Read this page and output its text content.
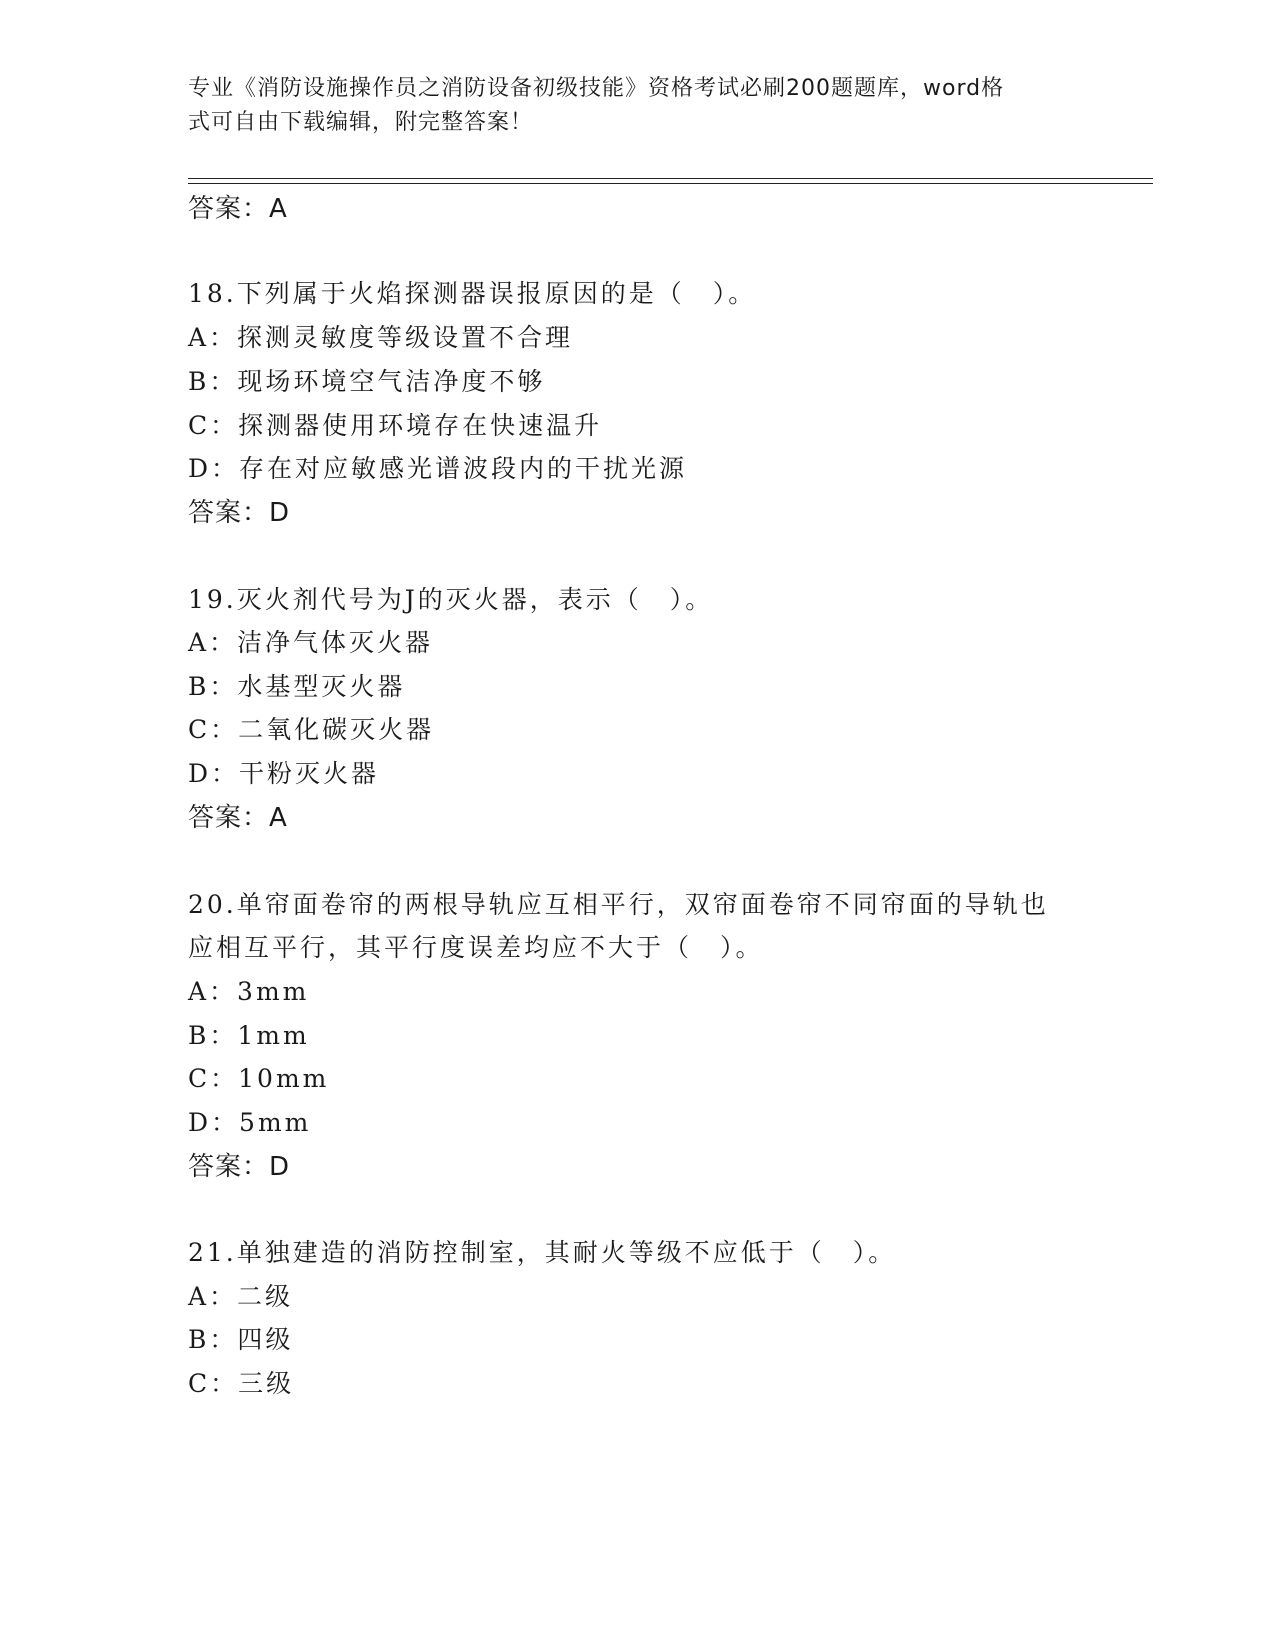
专业《消防设施操作员之消防设备初级技能》资格考试必刷200题题库，word格
式可自由下载编辑，附完整答案！
答案：A
18.下列属于火焰探测器误报原因的是（　）。
A：探测灵敏度等级设置不合理
B：现场环境空气洁净度不够
C：探测器使用环境存在快速温升
D：存在对应敏感光谱波段内的干扰光源
答案：D
19.灭火剂代号为J的灭火器，表示（　）。
A：洁净气体灭火器
B：水基型灭火器
C：二氧化碳灭火器
D：干粉灭火器
答案：A
20.单帘面卷帘的两根导轨应互相平行，双帘面卷帘不同帘面的导轨也
应相互平行，其平行度误差均应不大于（　）。
A：3mm
B：1mm
C：10mm
D：5mm
答案：D
21.单独建造的消防控制室，其耐火等级不应低于（　）。
A：二级
B：四级
C：三级
